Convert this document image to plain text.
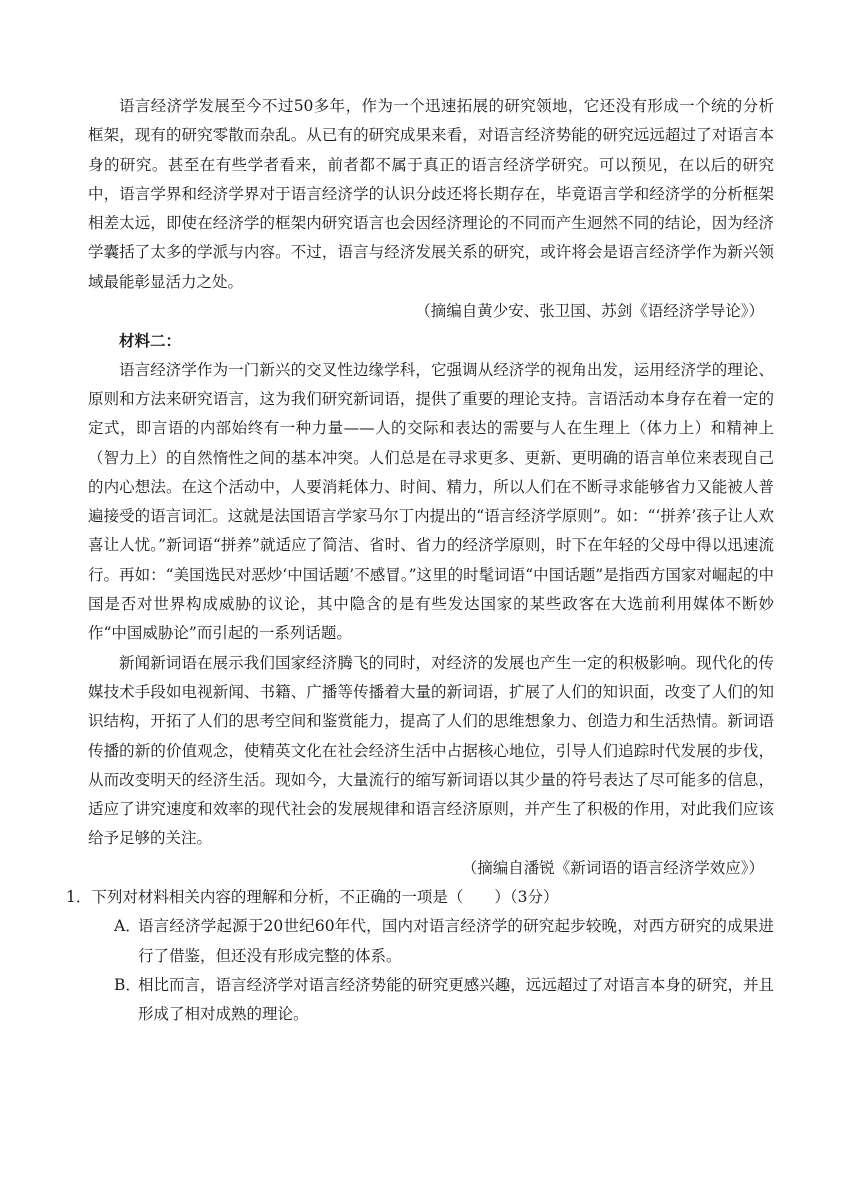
语言经济学发展至今不过50多年，作为一个迅速拓展的研究领地，它还没有形成一个统的分析框架，现有的研究零散而杂乱。从已有的研究成果来看，对语言经济势能的研究远远超过了对语言本身的研究。甚至在有些学者看来，前者都不属于真正的语言经济学研究。可以预见，在以后的研究中，语言学界和经济学界对于语言经济学的认识分歧还将长期存在，毕竟语言学和经济学的分析框架相差太远，即使在经济学的框架内研究语言也会因经济理论的不同而产生迥然不同的结论，因为经济学囊括了太多的学派与内容。不过，语言与经济发展关系的研究，或许将会是语言经济学作为新兴领域最能彰显活力之处。

（摘编自黄少安、张卫国、苏剑《语经济学导论》）

材料二：

语言经济学作为一门新兴的交叉性边缘学科，它强调从经济学的视角出发，运用经济学的理论、原则和方法来研究语言，这为我们研究新词语，提供了重要的理论支持。言语活动本身存在着一定的定式，即言语的内部始终有一种力量——人的交际和表达的需要与人在生理上（体力上）和精神上（智力上）的自然惰性之间的基本冲突。人们总是在寻求更多、更新、更明确的语言单位来表现自己的内心想法。在这个活动中，人要消耗体力、时间、精力，所以人们在不断寻求能够省力又能被人普遍接受的语言词汇。这就是法国语言学家马尔丁内提出的“语言经济学原则”。如：“‘拼养’孩子让人欢喜让人忧。”新词语“拼养”就适应了简洁、省时、省力的经济学原则，时下在年轻的父母中得以迅速流行。再如：“美国选民对恶炒‘中国话题’不感冒。”这里的时髦词语“中国话题”是指西方国家对崛起的中国是否对世界构成威胁的议论，其中隐含的是有些发达国家的某些政客在大选前利用媒体不断妙作“中国威胁论”而引起的一系列话题。

新闻新词语在展示我们国家经济腾飞的同时，对经济的发展也产生一定的积极影响。现代化的传媒技术手段如电视新闻、书籍、广播等传播着大量的新词语，扩展了人们的知识面，改变了人们的知识结构，开拓了人们的思考空间和鉴赏能力，提高了人们的思维想象力、创造力和生活热情。新词语传播的新的价值观念，使精英文化在社会经济生活中占据核心地位，引导人们追踪时代发展的步伐，从而改变明天的经济生活。现如今，大量流行的缩写新词语以其少量的符号表达了尽可能多的信息，适应了讲究速度和效率的现代社会的发展规律和语言经济原则，并产生了积极的作用，对此我们应该给予足够的关注。

（摘编自潘锐《新词语的语言经济学效应》）

1．下列对材料相关内容的理解和分析，不正确的一项是（　　）（3分）

A．
语言经济学起源于20世纪60年代，国内对语言经济学的研究起步较晚，对西方研究的成果进行了借鉴，但还没有形成完整的体系。
B．
相比而言，语言经济学对语言经济势能的研究更感兴趣，远远超过了对语言本身的研究，并且形成了相对成熟的理论。
